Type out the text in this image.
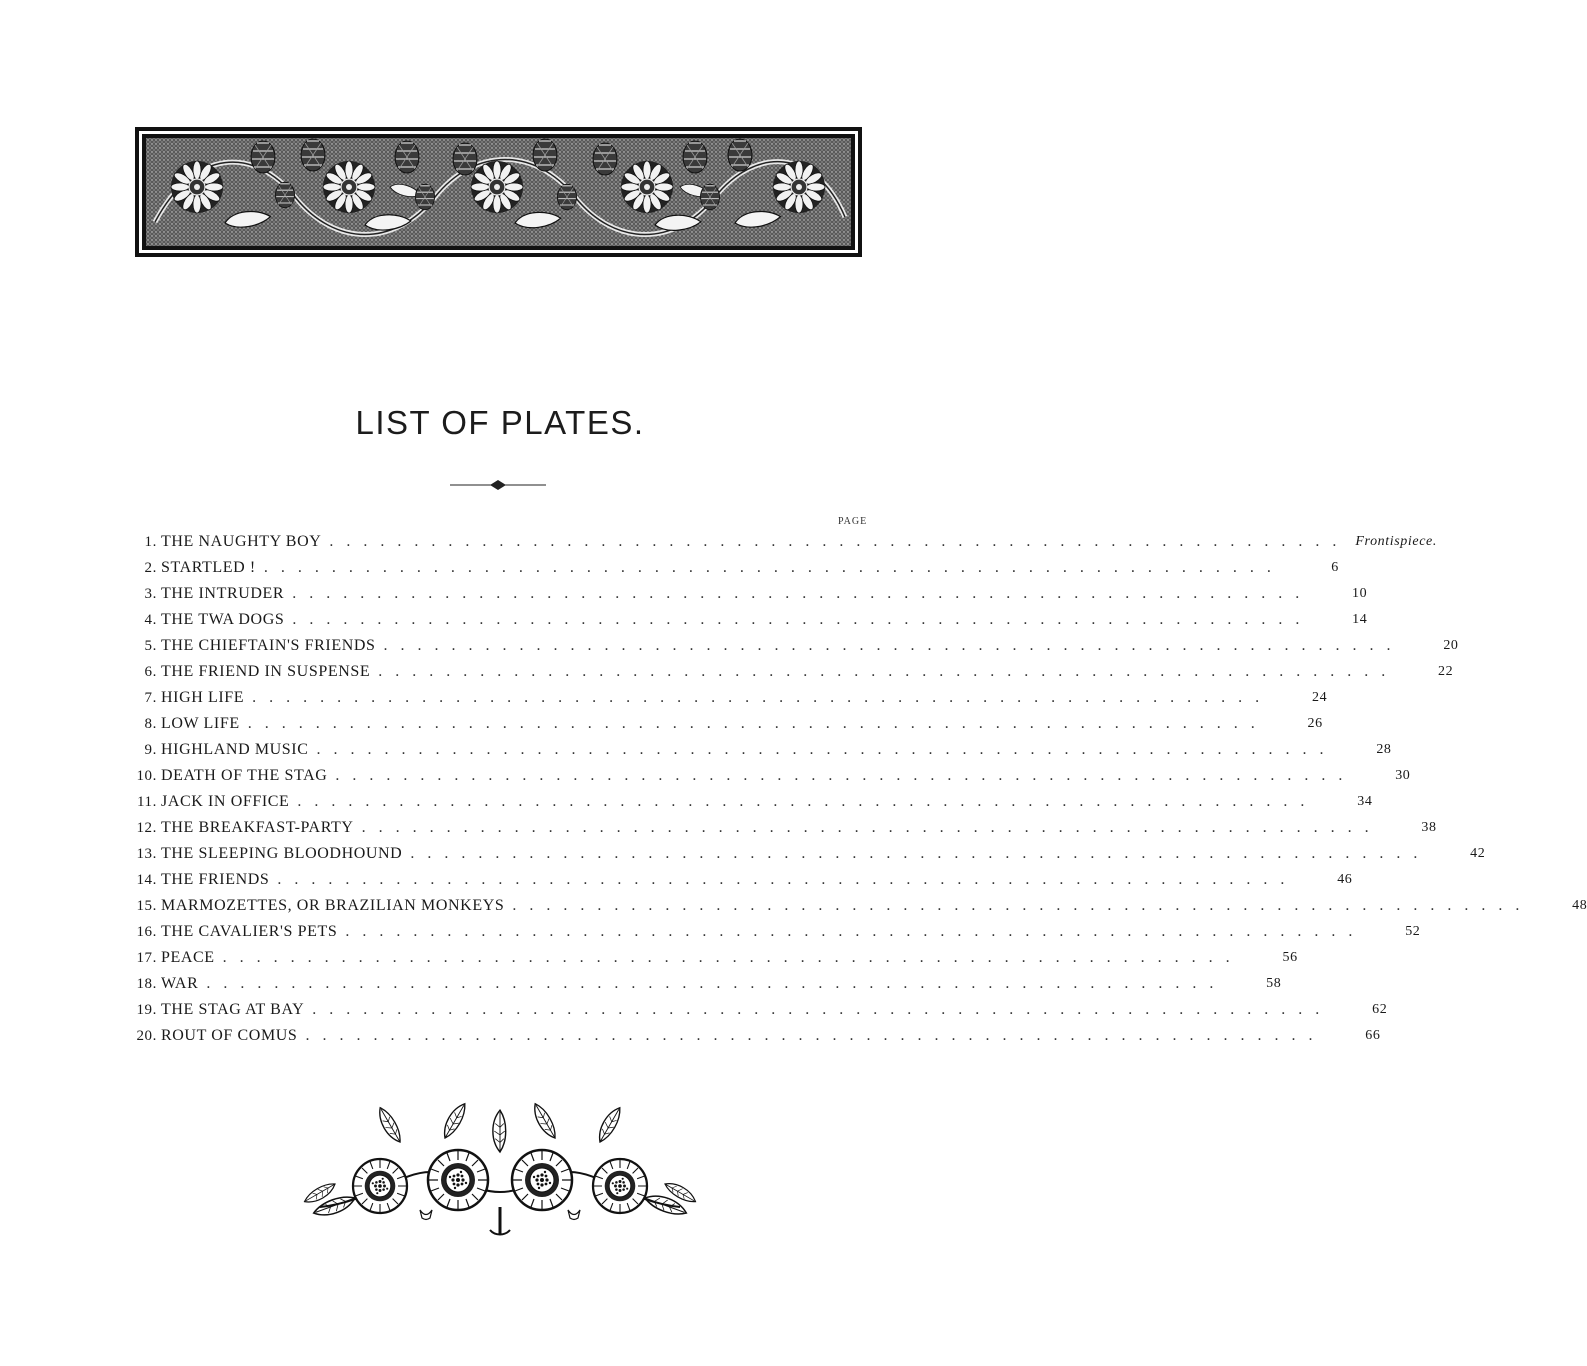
LIST OF PLATES.
PAGE
1. THE NAUGHTY BOY ............................................................ Frontispiece.
2. STARTLED ! ............................................................	6
3. THE INTRUDER ............................................................	10
4. THE TWA DOGS ............................................................	14
5. THE CHIEFTAIN'S FRIENDS ............................................................	20
6. THE FRIEND IN SUSPENSE ............................................................	22
7. HIGH LIFE ............................................................	24
8. LOW LIFE ............................................................	26
9. HIGHLAND MUSIC ............................................................	28
10. DEATH OF THE STAG ............................................................	30
11. JACK IN OFFICE ............................................................	34
12. THE BREAKFAST-PARTY ............................................................	38
13. THE SLEEPING BLOODHOUND ............................................................	42
14. THE FRIENDS ............................................................	46
15. MARMOZETTES, OR BRAZILIAN MONKEYS ............................................................	48
16. THE CAVALIER'S PETS ............................................................	52
17. PEACE ............................................................	56
18. WAR ............................................................	58
19. THE STAG AT BAY ............................................................	62
20. ROUT OF COMUS ............................................................	66
